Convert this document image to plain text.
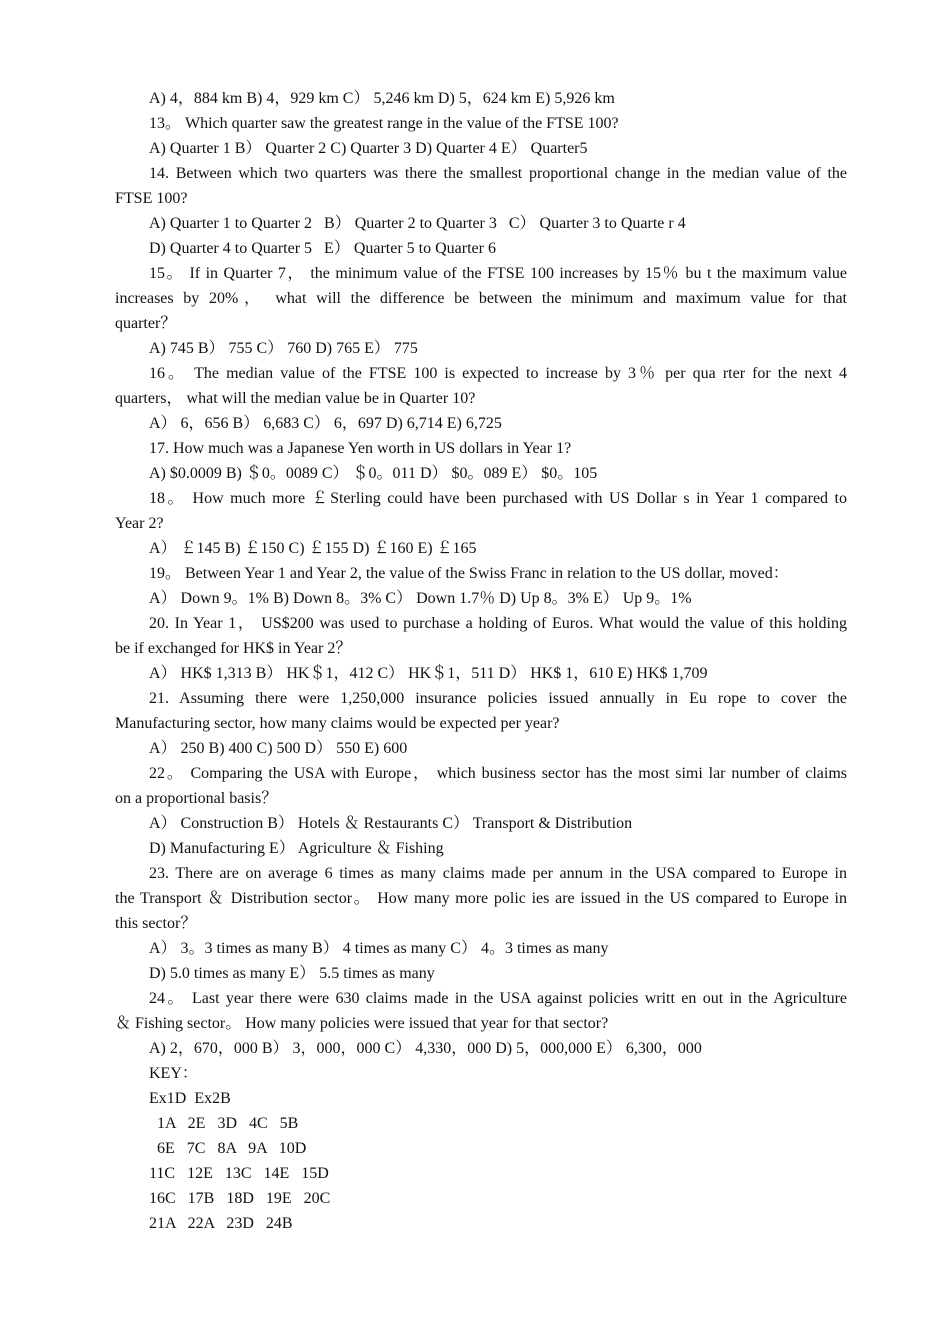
A) 4，884 km B) 4，929 km C） 5,246 km D) 5，624 km E) 5,926 km
13。 Which quarter saw the greatest range in the value of the FTSE 100?
A) Quarter 1 B） Quarter 2 C) Quarter 3 D) Quarter 4 E） Quarter5
14. Between which two quarters was there the smallest proportional change in the median value of the
FTSE 100?
A) Quarter 1 to Quarter 2   B） Quarter 2 to Quarter 3   C） Quarter 3 to Quarte r 4
D) Quarter 4 to Quarter 5   E） Quarter 5 to Quarter 6
15。 If in Quarter 7， the minimum value of the FTSE 100 increases by 15％ bu t the maximum value
increases by 20%， what will the difference be between the minimum and maximum value for that
quarter？
A) 745 B） 755 C） 760 D) 765 E） 775
16。 The median value of the FTSE 100 is expected to increase by 3％ per qua rter for the next 4
quarters， what will the median value be in Quarter 10?
A） 6，656 B） 6,683 C） 6，697 D) 6,714 E) 6,725
17. How much was a Japanese Yen worth in US dollars in Year 1?
A) $0.0009 B) ＄0。0089 C） ＄0。011 D） $0。089 E） $0。105
18。 How much more ￡Sterling could have been purchased with US Dollar s in Year 1 compared to
Year 2?
A） ￡145 B) ￡150 C) ￡155 D) ￡160 E) ￡165
19。 Between Year 1 and Year 2, the value of the Swiss Franc in relation to the US dollar, moved：
A） Down 9。1% B) Down 8。3% C） Down 1.7％ D) Up 8。3% E） Up 9。1%
20. In Year 1， US$200 was used to purchase a holding of Euros. What would the value of this holding
be if exchanged for HK$ in Year 2？
A） HK$ 1,313 B） HK＄1，412 C） HK＄1，511 D） HK$ 1，610 E) HK$ 1,709
21. Assuming there were 1,250,000 insurance policies issued annually in Eu rope to cover the
Manufacturing sector, how many claims would be expected per year?
A） 250 B) 400 C) 500 D） 550 E) 600
22。 Comparing the USA with Europe， which business sector has the most simi lar number of claims
on a proportional basis？
A） Construction B） Hotels ＆ Restaurants C） Transport & Distribution
D) Manufacturing E） Agriculture ＆ Fishing
23. There are on average 6 times as many claims made per annum in the USA compared to Europe in
the Transport ＆ Distribution sector。 How many more polic ies are issued in the US compared to Europe in
this sector？
A） 3。3 times as many B） 4 times as many C） 4。3 times as many
D) 5.0 times as many E） 5.5 times as many
24。 Last year there were 630 claims made in the USA against policies writt en out in the Agriculture
＆ Fishing sector。 How many policies were issued that year for that sector?
A) 2，670，000 B） 3，000，000 C） 4,330，000 D) 5，000,000 E） 6,300，000
KEY：
Ex1D  Ex2B
1A   2E   3D   4C   5B
6E   7C   8A   9A   10D
11C   12E   13C   14E   15D
16C   17B   18D   19E   20C
21A   22A   23D   24B
